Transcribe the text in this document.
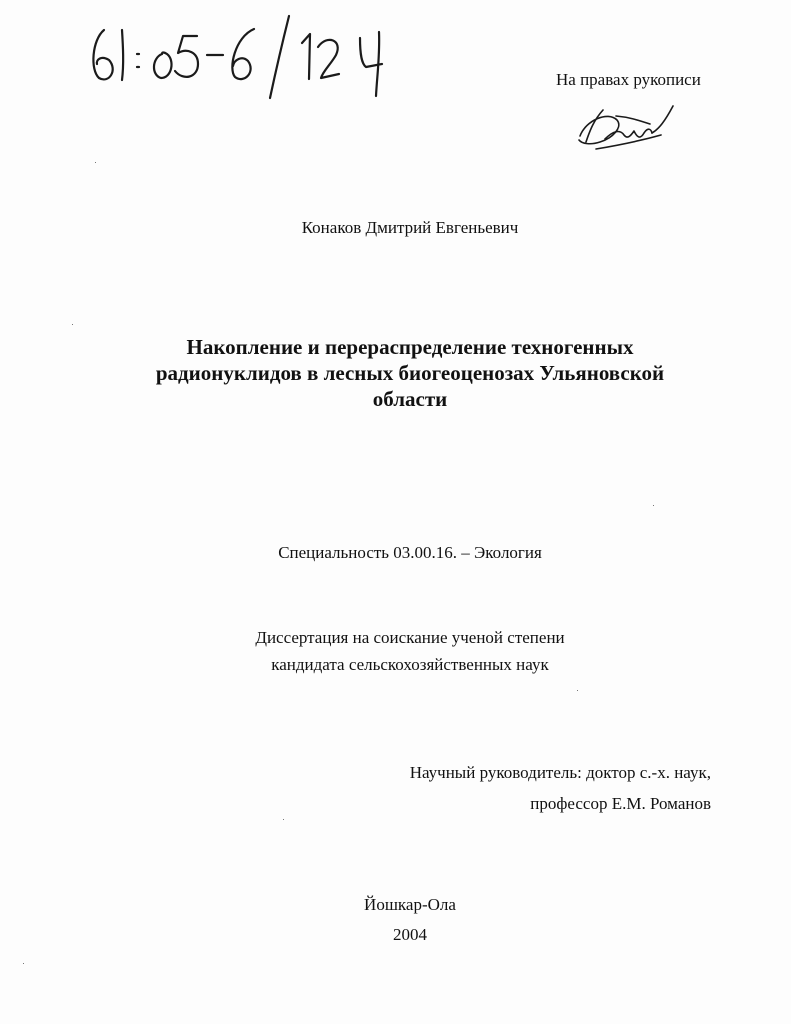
На правах рукописи
Конаков Дмитрий Евгеньевич
Накопление и перераспределение техногенных
радионуклидов в лесных биогеоценозах Ульяновской
области
Специальность 03.00.16. – Экология
Диссертация на соискание ученой степени
кандидата сельскохозяйственных наук
Научный руководитель: доктор с.-х. наук,
профессор Е.М. Романов
Йошкар-Ола
2004
